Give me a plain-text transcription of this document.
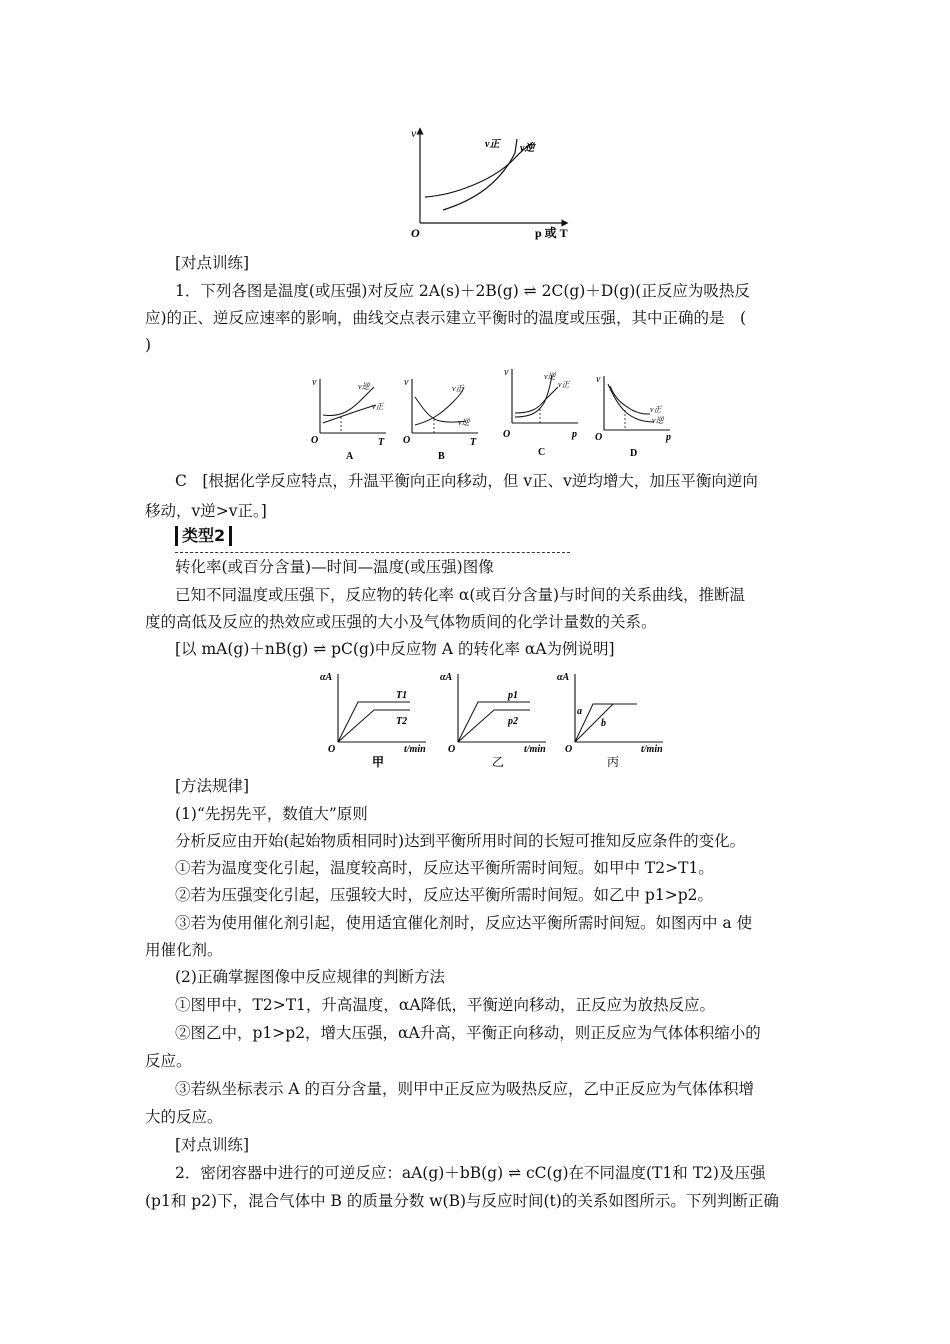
v
O	p 或 T
v正 v逆
[对点训练]
1．下列各图是温度(或压强)对反应 2A(s)＋2B(g) ⇌ 2C(g)＋D(g)(正反应为吸热反
应)的正、逆反应速率的影响，曲线交点表示建立平衡时的温度或压强，其中正确的是　(
)
v
O	T
v逆
v正
A
v
O	T
v正
v逆
B
v
O	p
v逆
v正
C
v
O	p
v正
v逆
D
C　[根据化学反应特点，升温平衡向正向移动，但 v正、v逆均增大，加压平衡向逆向
移动，v逆>v正。]
类型2
转化率(或百分含量)—时间—温度(或压强)图像
已知不同温度或压强下，反应物的转化率 α(或百分含量)与时间的关系曲线，推断温
度的高低及反应的热效应或压强的大小及气体物质间的化学计量数的关系。
[以 mA(g)＋nB(g) ⇌ pC(g)中反应物 A 的转化率 αA为例说明]
αA
O	t/min
T1
T2
甲
αA
O	t/min
p1
p2
乙
αA
O	t/min
a
b
丙
[方法规律]
(1)“先拐先平，数值大”原则
分析反应由开始(起始物质相同时)达到平衡所用时间的长短可推知反应条件的变化。
①若为温度变化引起，温度较高时，反应达平衡所需时间短。如甲中 T2>T1。
②若为压强变化引起，压强较大时，反应达平衡所需时间短。如乙中 p1>p2。
③若为使用催化剂引起，使用适宜催化剂时，反应达平衡所需时间短。如图丙中 a 使
用催化剂。
(2)正确掌握图像中反应规律的判断方法
①图甲中，T2>T1，升高温度，αA降低，平衡逆向移动，正反应为放热反应。
②图乙中，p1>p2，增大压强，αA升高，平衡正向移动，则正反应为气体体积缩小的
反应。
③若纵坐标表示 A 的百分含量，则甲中正反应为吸热反应，乙中正反应为气体体积增
大的反应。
[对点训练]
2．密闭容器中进行的可逆反应：aA(g)＋bB(g) ⇌ cC(g)在不同温度(T1和 T2)及压强
(p1和 p2)下，混合气体中 B 的质量分数 w(B)与反应时间(t)的关系如图所示。下列判断正确
